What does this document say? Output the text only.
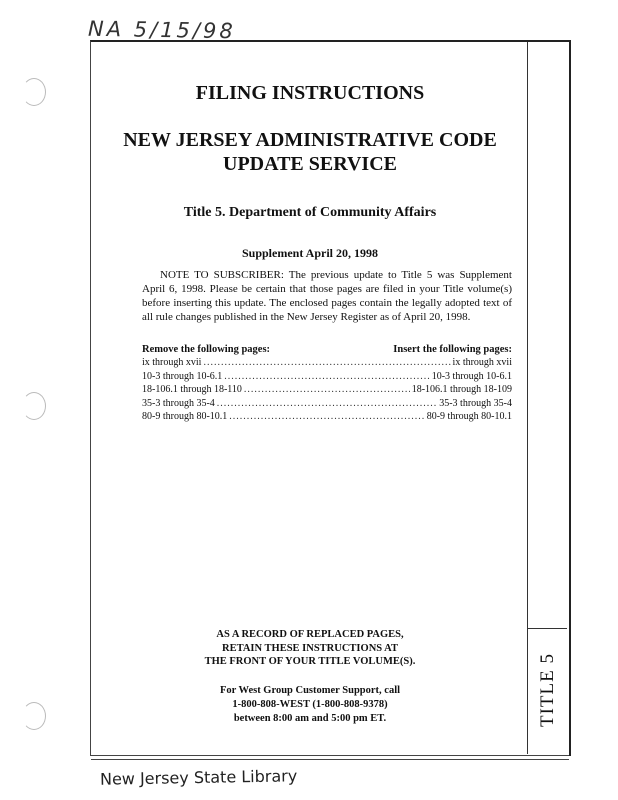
NA 5/15/98
TITLE 5
FILING INSTRUCTIONS
NEW JERSEY ADMINISTRATIVE CODE
UPDATE SERVICE
Title 5. Department of Community Affairs
Supplement April 20, 1998
NOTE TO SUBSCRIBER: The previous update to Title 5 was Supplement April 6, 1998. Please be certain that those pages are filed in your Title volume(s) before inserting this update. The enclosed pages contain the legally adopted text of all rule changes published in the New Jersey Register as of April 20, 1998.
Remove the following pages:	Insert the following pages:
ix through xvii .....	ix through xvii
10-3 through 10-6.1 .....	10-3 through 10-6.1
18-106.1 through 18-110 .....	18-106.1 through 18-109
35-3 through 35-4 .....	35-3 through 35-4
80-9 through 80-10.1 .....	80-9 through 80-10.1
AS A RECORD OF REPLACED PAGES,
RETAIN THESE INSTRUCTIONS AT
THE FRONT OF YOUR TITLE VOLUME(S).
For West Group Customer Support, call
1-800-808-WEST (1-800-808-9378)
between 8:00 am and 5:00 pm ET.
New Jersey State Library
